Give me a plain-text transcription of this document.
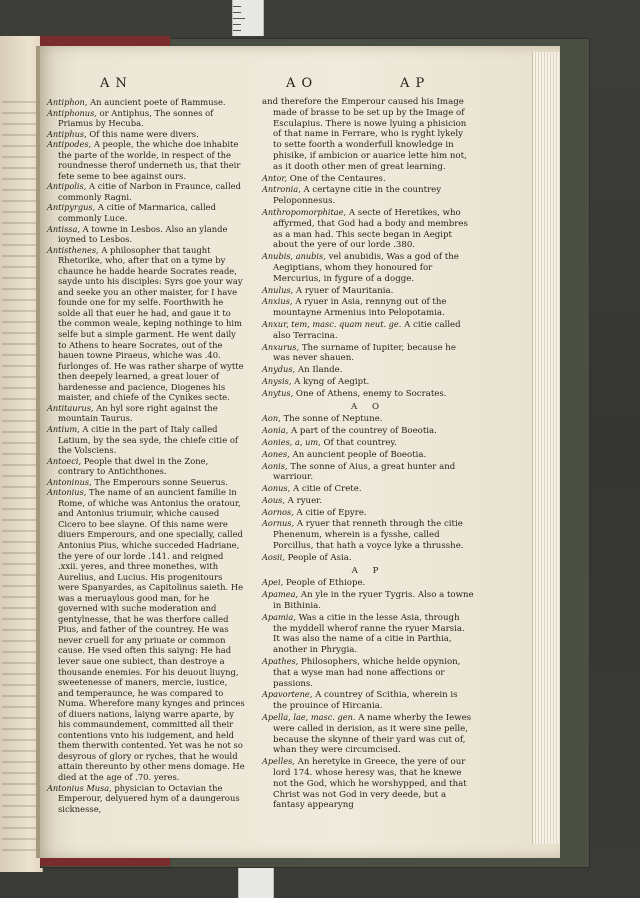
A N	A O	A P

Antiphon, An auncient poete of Rammuse.

Antiphonus, or Antiphus, The sonnes of Priamus by Hecuba.

Antiphus, Of this name were divers.

Antipodes, A people, the whiche doe inhabite the parte of the worlde, in respect of the roundnesse therof underneth us, that their fete seme to bee against ours.

Antipolis, A citie of Narbon in Fraunce, called commonly Ragni.

Antipyrgus, A citie of Marmarica, called commonly Luce.

Antissa, A towne in Lesbos. Also an ylande ioyned to Lesbos.

Antisthenes, A philosopher that taught Rhetorike, who, after that on a tyme by chaunce he hadde hearde Socrates reade, sayde unto his disciples: Syrs goe your way and seeke you an other maister, for I have founde one for my selfe. Foorthwith he solde all that euer he had, and gaue it to the common weale, keping nothinge to him selfe but a simple garment. He went daily to Athens to heare Socrates, out of the hauen towne Piraeus, whiche was .40. furlonges of. He was rather sharpe of wytte then deepely learned, a great louer of hardenesse and pacience, Diogenes his maister, and chiefe of the Cynikes secte.

Antitaurus, An hyl sore right against the mountain Taurus.

Antium, A citie in the part of Italy called Latium, by the sea syde, the chiefe citie of the Volsciens.

Antoeci, People that dwel in the Zone, contrary to Antichthones.

Antoninus, The Emperours sonne Seuerus.

Antonius, The name of an auncient familie in Rome, of whiche was Antonius the oratour, and Antonius triumuir, whiche caused Cicero to bee slayne. Of this name were diuers Emperours, and one specially, called Antonius Pius, whiche succeded Hadriane, the yere of our lorde .141. and reigned .xxii. yeres, and three monethes, with Aurelius, and Lucius. His progenitours were Spanyardes, as Capitolinus saieth. He was a meruaylous good man, for he governed with suche moderation and gentylnesse, that he was therfore called Pius, and father of the countrey. He was never cruell for any priuate or common cause. He vsed often this saiyng: He had lever saue one subiect, than destroye a thousande enemies. For his deuout liuyng, sweetenesse of maners, mercie, iustice, and temperaunce, he was compared to Numa. Wherefore many kynges and princes of diuers nations, laiyng warre aparte, by his commaundement, committed all their contentions vnto his iudgement, and held them therwith contented. Yet was he not so desyrous of glory or ryches, that he would attain thereunto by other mens domage. He died at the age of .70. yeres.

Antonius Musa, physician to Octavian the Emperour, delyuered hym of a daungerous sicknesse,

and therefore the Emperour caused his Image made of brasse to be set up by the Image of Esculapius. There is nowe lyuing a phisicion of that name in Ferrare, who is ryght lykely to sette foorth a wonderfull knowledge in phisike, if ambicion or auarice lette him not, as it dooth other men of great learning.

Antor, One of the Centaures.

Antronia, A certayne citie in the countrey Peloponnesus.

Anthropomorphitae, A secte of Heretikes, who affyrmed, that God had a body and membres as a man had. This secte began in Aegipt about the yere of our lorde .380.

Anubis, anubis, vel anubidis, Was a god of the Aegiptians, whom they honoured for Mercurius, in fygure of a dogge.

Anulus, A ryuer of Mauritania.

Anxius, A ryuer in Asia, rennyng out of the mountayne Armenius into Pelopotamia.

Anxur, tem, masc. quam neut. ge. A citie called also Terracina.

Anxurus, The surname of Iupiter, because he was never shauen.

Anydus, An Ilande.

Anysis, A kyng of Aegipt.

Anytus, One of Athens, enemy to Socrates.

A O

Aon, The sonne of Neptune.

Aonia, A part of the countrey of Boeotia.

Aonies, a, um, Of that countrey.

Aones, An auncient people of Boeotia.

Aonis, The sonne of Aius, a great hunter and warriour.

Aonus, A citie of Crete.

Aous, A ryuer.

Aornos, A citie of Epyre.

Aornus, A ryuer that renneth through the citie Phenenum, wherein is a fysshe, called Porcillus, that hath a voyce lyke a thrusshe.

Aosii, People of Asia.

A P

Apei, People of Ethiope.

Apamea, An yle in the ryuer Tygris. Also a towne in Bithinia.

Apamia, Was a citie in the lesse Asia, through the myddell wherof ranne the ryuer Marsia. It was also the name of a citie in Parthia, another in Phrygia.

Apathes, Philosophers, whiche helde opynion, that a wyse man had none affections or passions.

Apavortene, A countrey of Scithia, wherein is the prouince of Hircania.

Apella, lae, masc. gen. A name wherby the Iewes were called in derision, as it were sine pelle, because the skynne of their yard was cut of, whan they were circumcised.

Apelles, An heretyke in Greece, the yere of our lord 174. whose heresy was, that he knewe not the God, which he worshypped, and that Christ was not God in very deede, but a fantasy appearyng
